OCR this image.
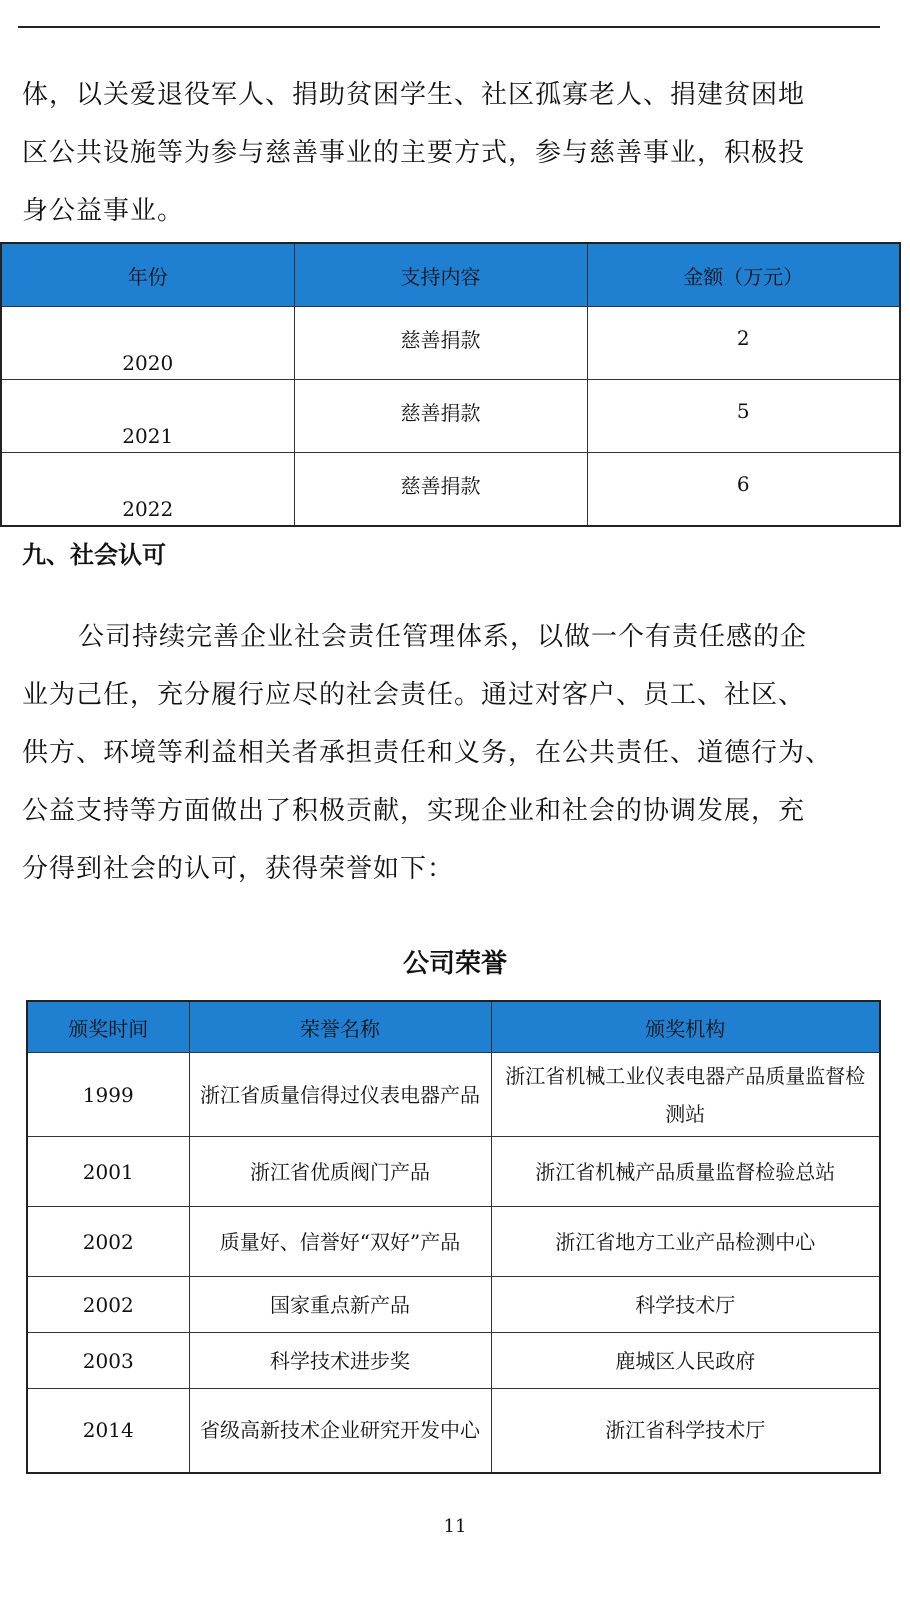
体，以关爱退役军人、捐助贫困学生、社区孤寡老人、捐建贫困地
区公共设施等为参与慈善事业的主要方式，参与慈善事业，积极投
身公益事业。
年份	支持内容	金额（万元）
2020	慈善捐款	2
2021	慈善捐款	5
2022	慈善捐款	6
九、社会认可
公司持续完善企业社会责任管理体系，以做一个有责任感的企
业为己任，充分履行应尽的社会责任。通过对客户、员工、社区、
供方、环境等利益相关者承担责任和义务，在公共责任、道德行为、
公益支持等方面做出了积极贡献，实现企业和社会的协调发展，充
分得到社会的认可，获得荣誉如下：
公司荣誉
颁奖时间	荣誉名称	颁奖机构
1999	浙江省质量信得过仪表电器产品	浙江省机械工业仪表电器产品质量监督检测站
2001	浙江省优质阀门产品	浙江省机械产品质量监督检验总站
2002	质量好、信誉好“双好”产品	浙江省地方工业产品检测中心
2002	国家重点新产品	科学技术厅
2003	科学技术进步奖	鹿城区人民政府
2014	省级高新技术企业研究开发中心	浙江省科学技术厅

11
